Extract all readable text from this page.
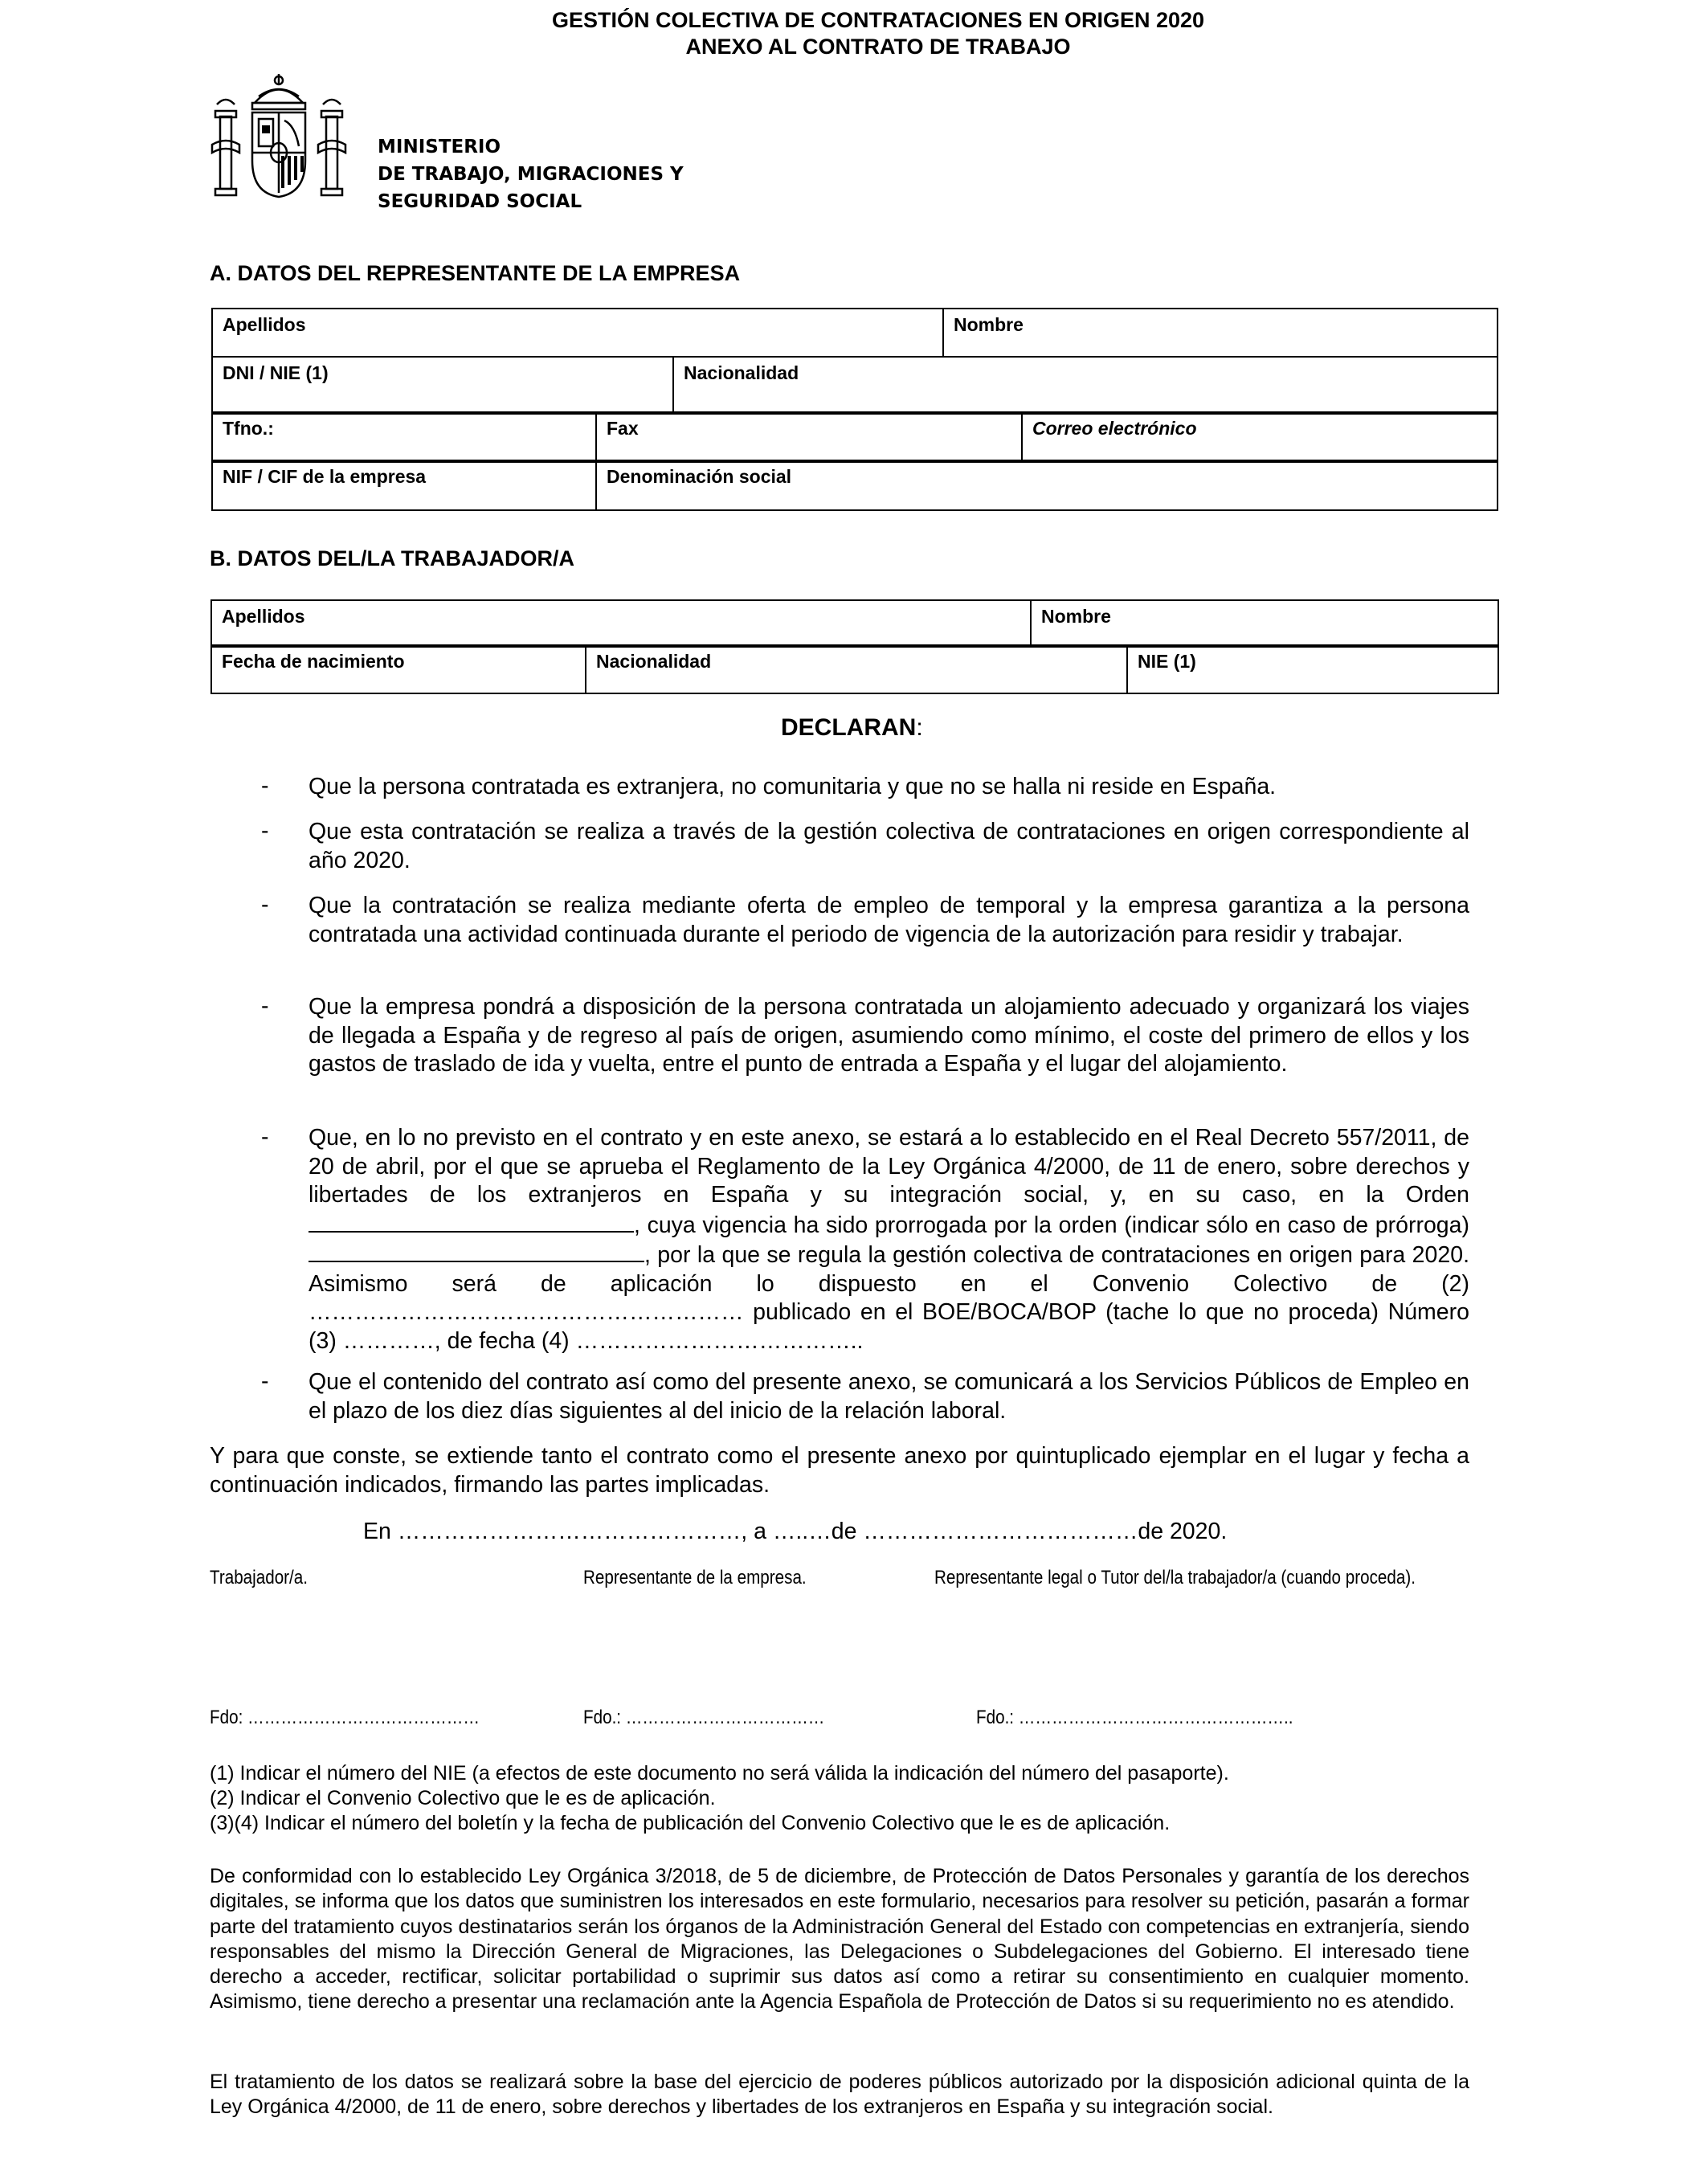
GESTIÓN COLECTIVA DE CONTRATACIONES EN ORIGEN 2020
ANEXO AL CONTRATO DE TRABAJO
MINISTERIO
DE TRABAJO, MIGRACIONES Y
SEGURIDAD SOCIAL
A. DATOS DEL REPRESENTANTE DE LA EMPRESA
Apellidos	Nombre
DNI / NIE (1)	Nacionalidad
Tfno.:	Fax	Correo electrónico
NIF / CIF de la empresa	Denominación social
B. DATOS DEL/LA TRABAJADOR/A
Apellidos	Nombre
Fecha de nacimiento	Nacionalidad	NIE (1)
DECLARAN:
- Que la persona contratada es extranjera, no comunitaria y que no se halla ni reside en España.
- Que esta contratación se realiza a través de la gestión colectiva de contrataciones en origen correspondiente al año 2020.
- Que la contratación se realiza mediante oferta de empleo de temporal y la empresa garantiza a la persona contratada una actividad continuada durante el periodo de vigencia de la autorización para residir y trabajar.
- Que la empresa pondrá a disposición de la persona contratada un alojamiento adecuado y organizará los viajes de llegada a España y de regreso al país de origen, asumiendo como mínimo, el coste del primero de ellos y los gastos de traslado de ida y vuelta, entre el punto de entrada a España y el lugar del alojamiento.
- Que, en lo no previsto en el contrato y en este anexo, se estará a lo establecido en el Real Decreto 557/2011, de 20 de abril, por el que se aprueba el Reglamento de la Ley Orgánica 4/2000, de 11 de enero, sobre derechos y libertades de los extranjeros en España y su integración social, y, en su caso, en la Orden , cuya vigencia ha sido prorrogada por la orden (indicar sólo en caso de prórroga) , por la que se regula la gestión colectiva de contrataciones en origen para 2020. Asimismo será de aplicación lo dispuesto en el Convenio Colectivo de (2) ………………………………………………… publicado en el BOE/BOCA/BOP (tache lo que no proceda) Número (3) …………, de fecha (4) ………………………………..
- Que el contenido del contrato así como del presente anexo, se comunicará a los Servicios Públicos de Empleo en el plazo de los diez días siguientes al del inicio de la relación laboral.
Y para que conste, se extiende tanto el contrato como el presente anexo por quintuplicado ejemplar en el lugar y fecha a continuación indicados, firmando las partes implicadas.
En ………………………………………, a …..…de ………………………………de 2020.
Trabajador/a.	Representante de la empresa.	Representante legal o Tutor del/la trabajador/a (cuando proceda).
Fdo: ……………………………………	Fdo.: ………………………………	Fdo.: …………………………………………..
(1) Indicar el número del NIE (a efectos de este documento no será válida la indicación del número del pasaporte).
(2) Indicar el Convenio Colectivo que le es de aplicación.
(3)(4) Indicar el número del boletín y la fecha de publicación del Convenio Colectivo que le es de aplicación.
De conformidad con lo establecido Ley Orgánica 3/2018, de 5 de diciembre, de Protección de Datos Personales y garantía de los derechos digitales, se informa que los datos que suministren los interesados en este formulario, necesarios para resolver su petición, pasarán a formar parte del tratamiento cuyos destinatarios serán los órganos de la Administración General del Estado con competencias en extranjería, siendo responsables del mismo la Dirección General de Migraciones, las Delegaciones o Subdelegaciones del Gobierno. El interesado tiene derecho a acceder, rectificar, solicitar portabilidad o suprimir sus datos así como a retirar su consentimiento en cualquier momento. Asimismo, tiene derecho a presentar una reclamación ante la Agencia Española de Protección de Datos si su requerimiento no es atendido.
El tratamiento de los datos se realizará sobre la base del ejercicio de poderes públicos autorizado por la disposición adicional quinta de la Ley Orgánica 4/2000, de 11 de enero, sobre derechos y libertades de los extranjeros en España y su integración social.
